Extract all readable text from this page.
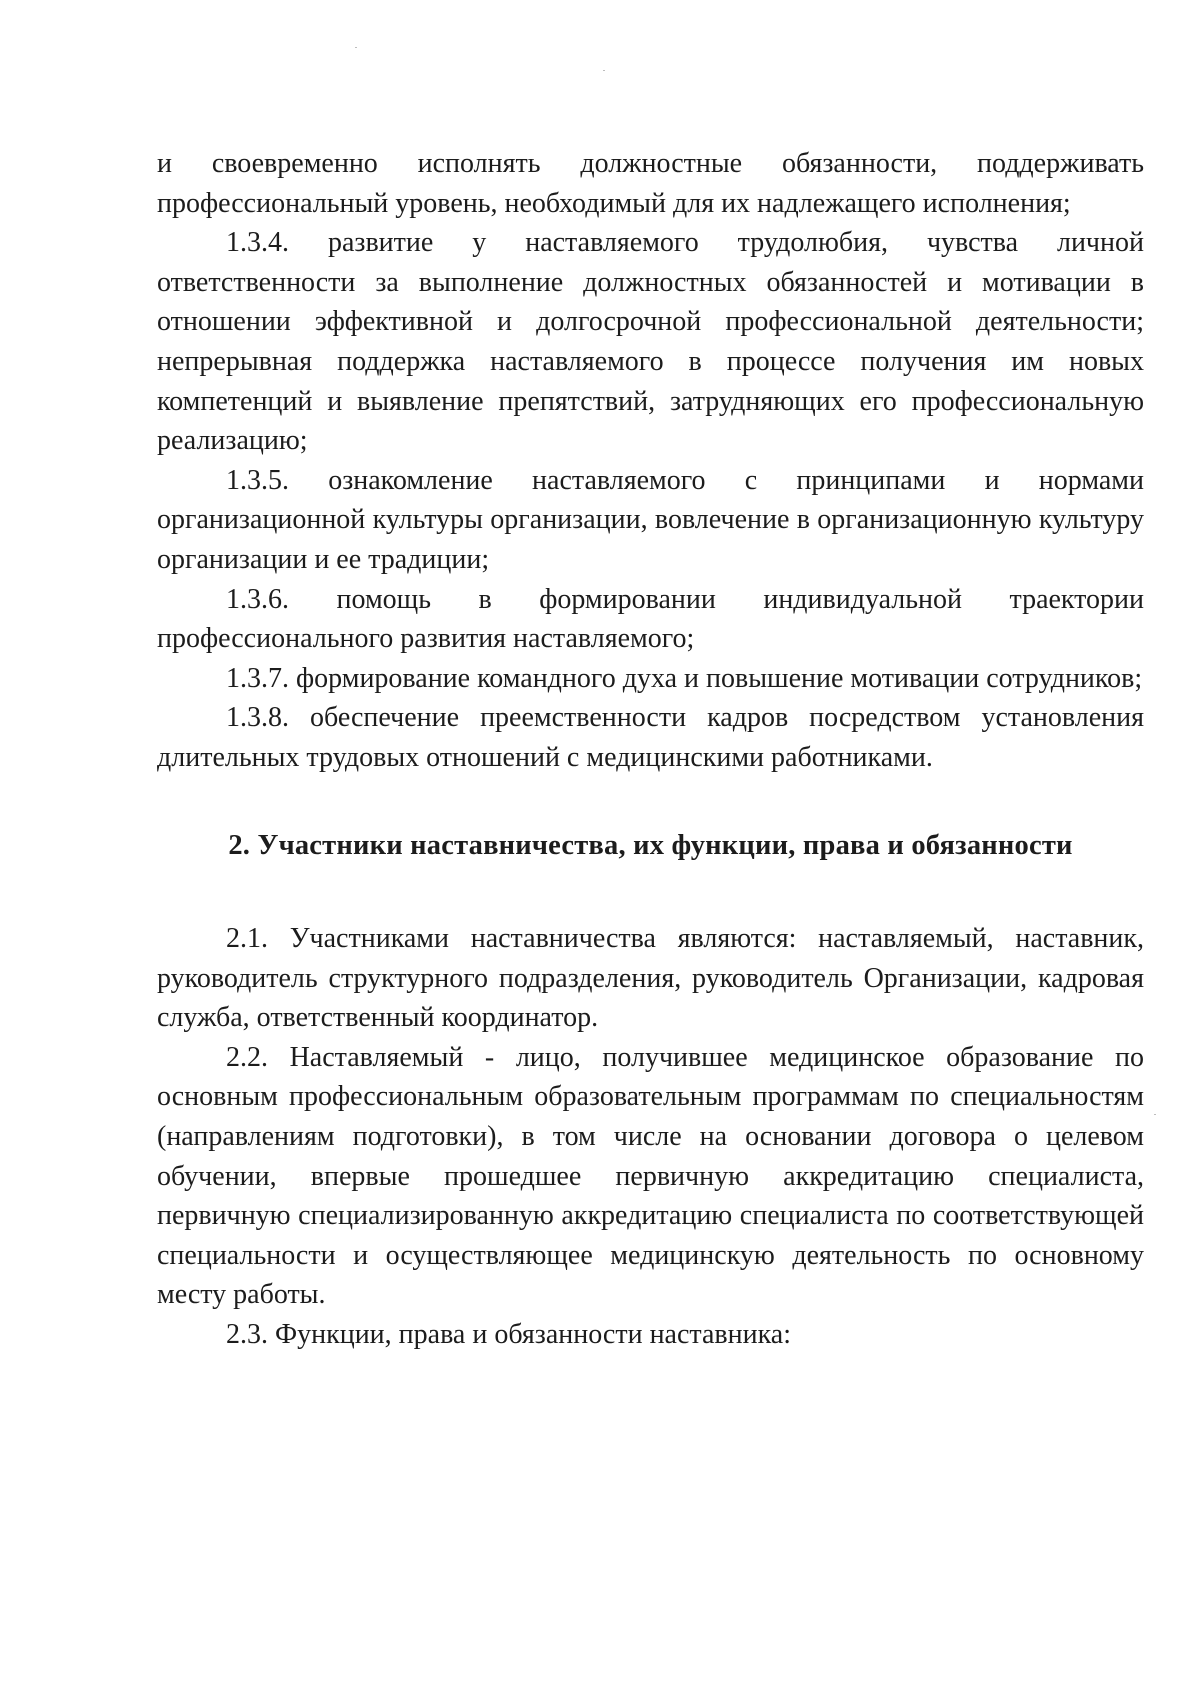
и своевременно исполнять должностные обязанности, поддерживать профессиональный уровень, необходимый для их надлежащего исполнения;

1.3.4. развитие у наставляемого трудолюбия, чувства личной ответственности за выполнение должностных обязанностей и мотивации в отношении эффективной и долгосрочной профессиональной деятельности; непрерывная поддержка наставляемого в процессе получения им новых компетенций и выявление препятствий, затрудняющих его профессиональную реализацию;

1.3.5. ознакомление наставляемого с принципами и нормами организационной культуры организации, вовлечение в организационную культуру организации и ее традиции;

1.3.6. помощь в формировании индивидуальной траектории профессионального развития наставляемого;

1.3.7. формирование командного духа и повышение мотивации сотрудников;

1.3.8. обеспечение преемственности кадров посредством установления длительных трудовых отношений с медицинскими работниками.

2. Участники наставничества, их функции, права и обязанности

2.1. Участниками наставничества являются: наставляемый, наставник, руководитель структурного подразделения, руководитель Организации, кадровая служба, ответственный координатор.

2.2. Наставляемый - лицо, получившее медицинское образование по основным профессиональным образовательным программам по специальностям (направлениям подготовки), в том числе на основании договора о целевом обучении, впервые прошедшее первичную аккредитацию специалиста, первичную специализированную аккредитацию специалиста по соответствующей специальности и осуществляющее медицинскую деятельность по основному месту работы.

2.3. Функции, права и обязанности наставника:
